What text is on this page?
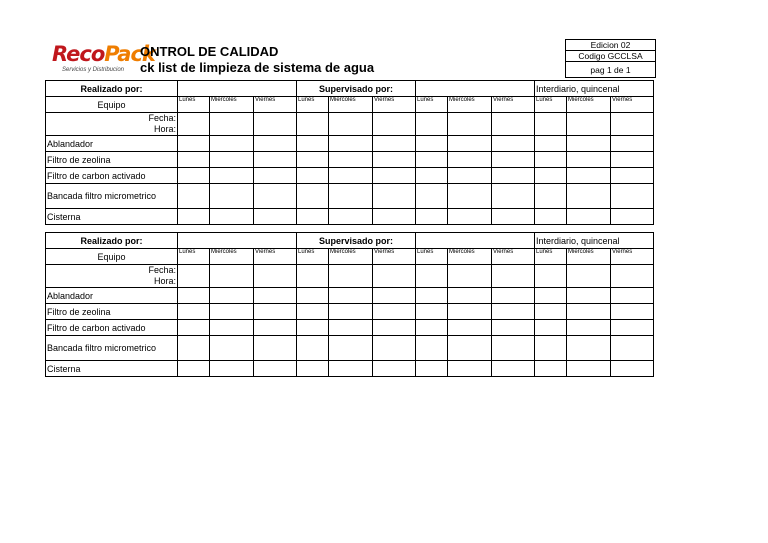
RecoPack
Servicios y Distribucion
ONTROL DE CALIDAD
ck list de limpieza de sistema de agua
Edicion 02
Codigo GCCLSA
pag 1 de 1
Realizado por:				Supervisado por:						Interdiario, quincenal		
Equipo	Lunes	Miercoles	Viernes	Lunes	Miercoles	Viernes	Lunes	Miercoles	Viernes	Lunes	Miercoles	Viernes

Fecha:
Hora:												

Ablandador												
Filtro de zeolina												
Filtro de carbon activado												
Bancada filtro micrometrico												
Cisterna												
Realizado por:				Supervisado por:						Interdiario, quincenal		
Equipo	Lunes	Miercoles	Viernes	Lunes	Miercoles	Viernes	Lunes	Miercoles	Viernes	Lunes	Miercoles	Viernes

Fecha:
Hora:												

Ablandador												
Filtro de zeolina												
Filtro de carbon activado												
Bancada filtro micrometrico												
Cisterna												
